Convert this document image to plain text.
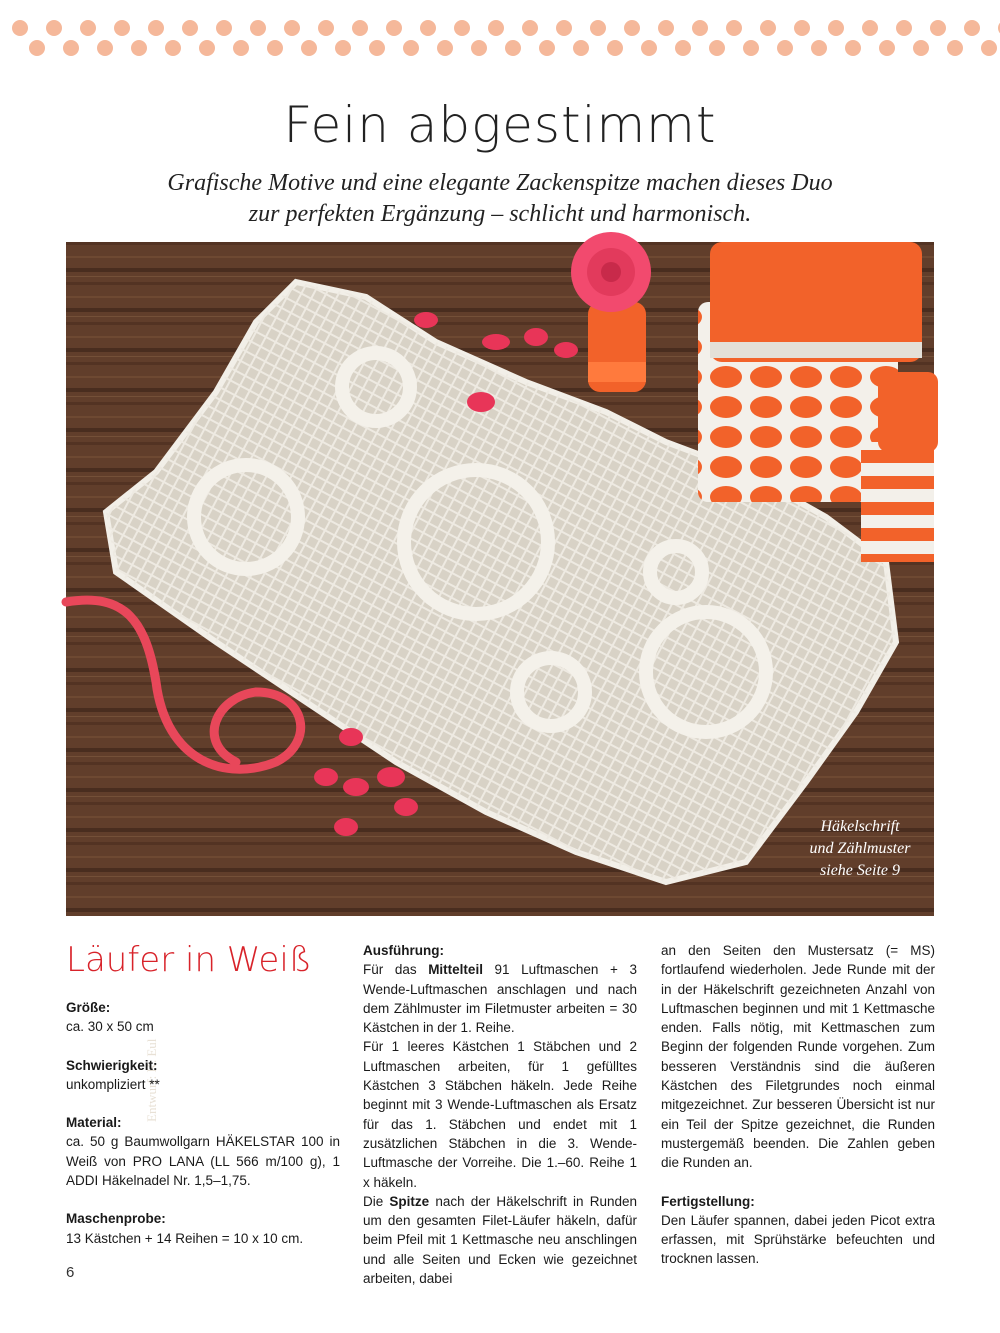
Fein abgestimmt
Grafische Motive und eine elegante Zackenspitze machen dieses Duo
zur perfekten Ergänzung – schlicht und harmonisch.
Entwurf: K. Eul
Häkelschrift
und Zählmuster
siehe Seite 9
Läufer in Weiß
Größe:
ca. 30 x 50 cm
Schwierigkeit:
unkompliziert **
Material:
ca. 50 g Baumwollgarn HÄKELSTAR 100 in Weiß von PRO LANA (LL 566 m/100 g), 1 ADDI Häkelnadel Nr. 1,5–1,75.
Maschenprobe:
13 Kästchen + 14 Reihen = 10 x 10 cm.
Ausführung:
Für das Mittelteil 91 Luftmaschen + 3 Wende-Luftmaschen anschlagen und nach dem Zählmuster im Filetmuster arbeiten = 30 Kästchen in der 1. Reihe.
Für 1 leeres Kästchen 1 Stäbchen und 2 Luftmaschen arbeiten, für 1 gefülltes Kästchen 3 Stäbchen häkeln. Jede Reihe beginnt mit 3 Wende-Luftmaschen als Ersatz für das 1. Stäbchen und endet mit 1 zusätzlichen Stäbchen in die 3. Wende-Luftmasche der Vorreihe. Die 1.–60. Reihe 1 x häkeln.
Die Spitze nach der Häkelschrift in Runden um den gesamten Filet-Läufer häkeln, dafür beim Pfeil mit 1 Kettmasche neu anschlingen und alle Seiten und Ecken wie gezeichnet arbeiten, dabei
an den Seiten den Mustersatz (= MS) fortlaufend wiederholen. Jede Runde mit der in der Häkelschrift gezeichneten Anzahl von Luftmaschen beginnen und mit 1 Kettmasche enden. Falls nötig, mit Kettmaschen zum Beginn der folgenden Runde vorgehen. Zum besseren Verständnis sind die äußeren Kästchen des Filetgrundes noch einmal mitgezeichnet. Zur besseren Übersicht ist nur ein Teil der Spitze gezeichnet, die Runden mustergemäß beenden. Die Zahlen geben die Runden an.
Fertigstellung:
Den Läufer spannen, dabei jeden Picot extra erfassen, mit Sprühstärke befeuchten und trocknen lassen.
6
